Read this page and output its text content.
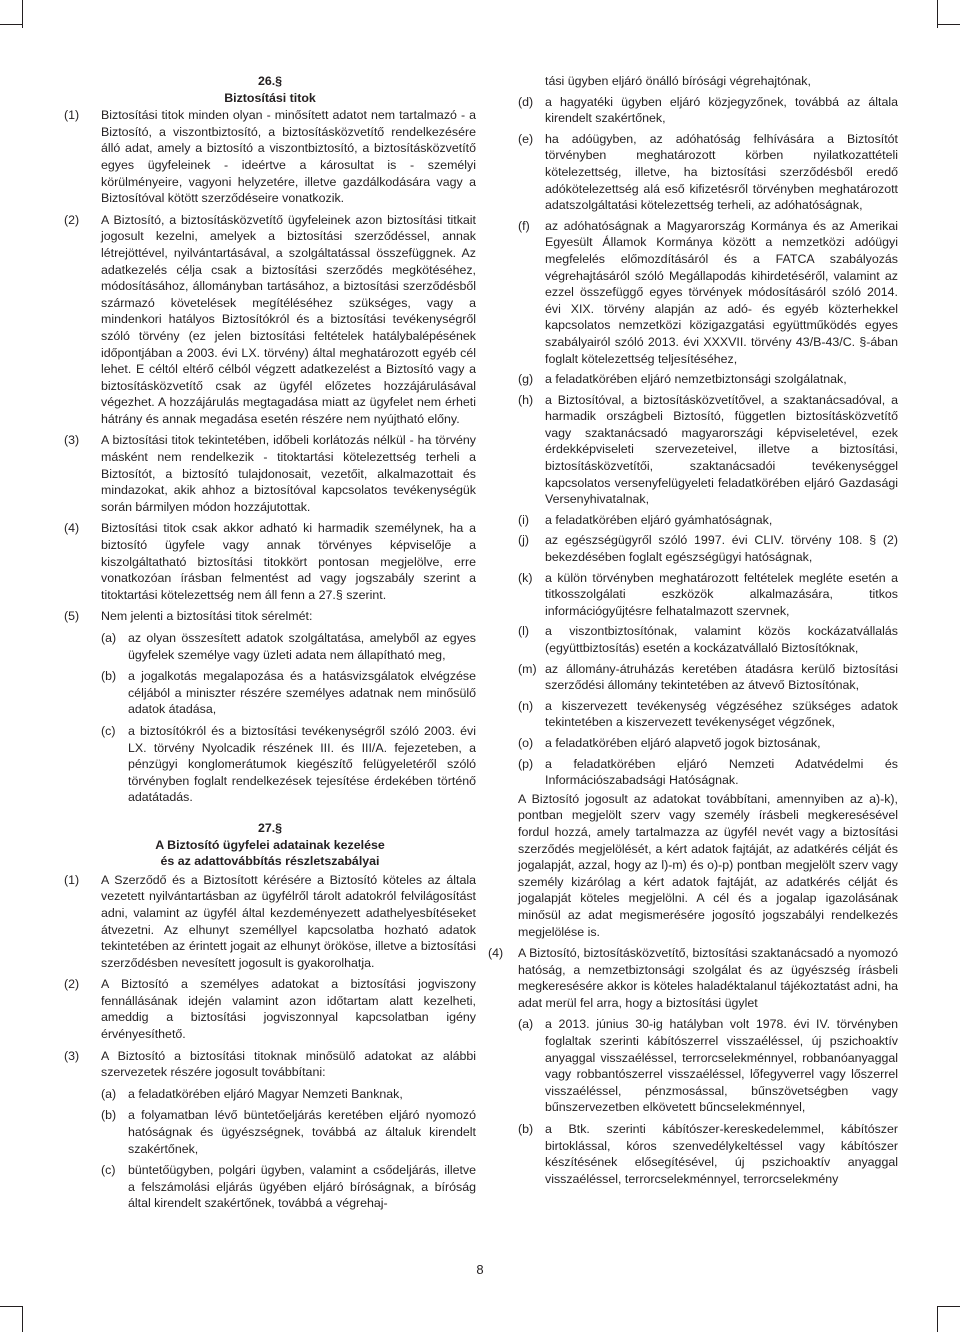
26.§
Biztosítási titok
(1) Biztosítási titok minden olyan - minősített adatot nem tartalmazó - a Biztosító, a viszontbiztosító, a biztosításközvetítő rendelkezésére álló adat, amely a biztosító a viszontbiztosító, a biztosításközvetítő egyes ügyfeleinek - ideértve a károsultat is - személyi körülményeire, vagyoni helyzetére, illetve gazdálkodására vagy a Biztosítóval kötött szerződéseire vonatkozik.
(2) A Biztosító, a biztosításközvetítő ügyfeleinek azon biztosítási titkait jogosult kezelni, amelyek a biztosítási szerződéssel, annak létrejöttével, nyilvántartásával, a szolgáltatással összefüggnek. Az adatkezelés célja csak a biztosítási szerződés megkötéséhez, módosításához, állományban tartásához, a biztosítási szerződésből származó követelések megítéléséhez szükséges, vagy a mindenkori hatályos Biztosítókról és a biztosítási tevékenységről szóló törvény (ez jelen biztosítási feltételek hatálybalépésének időpontjában a 2003. évi LX. törvény) által meghatározott egyéb cél lehet. E céltól eltérő célból végzett adatkezelést a Biztosító vagy a biztosításközvetítő csak az ügyfél előzetes hozzájárulásával végezhet. A hozzájárulás megtagadása miatt az ügyfelet nem érheti hátrány és annak megadása esetén részére nem nyújtható előny.
(3) A biztosítási titok tekintetében, időbeli korlátozás nélkül - ha törvény másként nem rendelkezik - titoktartási kötelezettség terheli a Biztosítót, a biztosító tulajdonosait, vezetőit, alkalmazottait és mindazokat, akik ahhoz a biztosítóval kapcsolatos tevékenységük során bármilyen módon hozzájutottak.
(4) Biztosítási titok csak akkor adható ki harmadik személynek, ha a biztosító ügyfele vagy annak törvényes képviselője a kiszolgáltatható biztosítási titokkört pontosan megjelölve, erre vonatkozóan írásban felmentést ad vagy jogszabály szerint a titoktartási kötelezettség nem áll fenn a 27.§ szerint.
(5) Nem jelenti a biztosítási titok sérelmét:
(a) az olyan összesített adatok szolgáltatása, amelyből az egyes ügyfelek személye vagy üzleti adata nem állapítható meg,
(b) a jogalkotás megalapozása és a hatásvizsgálatok elvégzése céljából a miniszter részére személyes adatnak nem minősülő adatok átadása,
(c) a biztosítókról és a biztosítási tevékenységről szóló 2003. évi LX. törvény Nyolcadik részének III. és III/A. fejezeteben, a pénzügyi konglomerátumok kiegészítő felügyeletéről szóló törvényben foglalt rendelkezések tejesítése érdekében történő adatátadás.
27.§
A Biztosító ügyfelei adatainak kezelése
és az adattovábbítás részletszabályai
(1) A Szerződő és a Biztosított kérésére a Biztosító köteles az általa vezetett nyilvántartásban az ügyfélről tárolt adatokról felvilágosítást adni, valamint az ügyfél által kezdeményezett adathelyesbítéseket átvezetni. Az elhunyt személlyel kapcsolatba hozható adatok tekintetében az érintett jogait az elhunyt örököse, illetve a biztosítási szerződésben nevesített jogosult is gyakorolhatja.
(2) A Biztosító a személyes adatokat a biztosítási jogviszony fennállásának idején valamint azon időtartam alatt kezelheti, ameddig a biztosítási jogviszonnyal kapcsolatban igény érvényesíthető.
(3) A Biztosító a biztosítási titoknak minősülő adatokat az alábbi szervezetek részére jogosult továbbítani:
(a) a feladatkörében eljáró Magyar Nemzeti Banknak,
(b) a folyamatban lévő büntetőeljárás keretében eljáró nyomozó hatóságnak és ügyészségnek, továbbá az általuk kirendelt szakértőnek,
(c) büntetőügyben, polgári ügyben, valamint a csődeljárás, illetve a felszámolási eljárás ügyében eljáró bíróságnak, a bíróság által kirendelt szakértőnek, továbbá a végrehaj-
tási ügyben eljáró önálló bírósági végrehajtónak,
(d) a hagyatéki ügyben eljáró közjegyzőnek, továbbá az általa kirendelt szakértőnek,
(e) ha adóügyben, az adóhatóság felhívására a Biztosítót törvényben meghatározott körben nyilatkozattételi kötelezettség, illetve, ha biztosítási szerződésből eredő adókötelezettség alá eső kifizetésről törvényben meghatározott adatszolgáltatási kötelezettség terheli, az adóhatóságnak,
(f) az adóhatóságnak a Magyarország Kormánya és az Amerikai Egyesült Államok Kormánya között a nemzetközi adóügyi megfelelés előmozdításáról és a FATCA szabályozás végrehajtásáról szóló Megállapodás kihirdetéséről, valamint az ezzel összefüggő egyes törvények módosításáról szóló 2014. évi XIX. törvény alapján az adó- és egyéb közterhekkel kapcsolatos nemzetközi közigazgatási együttműködés egyes szabályairól szóló 2013. évi XXXVII. törvény 43/B-43/C. §-ában foglalt kötelezettség teljesítéséhez,
(g) a feladatkörében eljáró nemzetbiztonsági szolgálatnak,
(h) a Biztosítóval, a biztosításközvetítővel, a szaktanácsadóval, a harmadik országbeli Biztosító, független biztosításközvetítő vagy szaktanácsadó magyarországi képviseletével, ezek érdekképviseleti szervezeteivel, illetve a biztosítási, biztosításközvetítői, szaktanácsadói tevékenységgel kapcsolatos versenyfelügyeleti feladatkörében eljáró Gazdasági Versenyhivatalnak,
(i) a feladatkörében eljáró gyámhatóságnak,
(j) az egészségügyről szóló 1997. évi CLIV. törvény 108. § (2) bekezdésében foglalt egészségügyi hatóságnak,
(k) a külön törvényben meghatározott feltételek megléte esetén a titkosszolgálati eszközök alkalmazására, titkos információgyűjtésre felhatalmazott szervnek,
(l) a viszontbiztosítónak, valamint közös kockázatvállalás (együttbiztosítás) esetén a kockázatvállaló Biztosítóknak,
(m) az állomány-átruházás keretében átadásra kerülő biztosítási szerződési állomány tekintetében az átvevő Biztosítónak,
(n) a kiszervezett tevékenység végzéséhez szükséges adatok tekintetében a kiszervezett tevékenységet végzőnek,
(o) a feladatkörében eljáró alapvető jogok biztosának,
(p) a feladatkörében eljáró Nemzeti Adatvédelmi és Információszabadsági Hatóságnak.
A Biztosító jogosult az adatokat továbbítani, amennyiben az a)-k), pontban megjelölt szerv vagy személy írásbeli megkeresésével fordul hozzá, amely tartalmazza az ügyfél nevét vagy a biztosítási szerződés megjelölését, a kért adatok fajtáját, az adatkérés célját és jogalapját, azzal, hogy az l)-m) és o)-p) pontban megjelölt szerv vagy személy kizárólag a kért adatok fajtáját, az adatkérés célját és jogalapját köteles megjelölni. A cél és a jogalap igazolásának minősül az adat megismerésére jogosító jogszabályi rendelkezés megjelölése is.
(4) A Biztosító, biztosításközvetítő, biztosítási szaktanácsadó a nyomozó hatóság, a nemzetbiztonsági szolgálat és az ügyészség írásbeli megkeresésére akkor is köteles haladéktalanul tájékoztatást adni, ha adat merül fel arra, hogy a biztosítási ügylet
(a) a 2013. június 30-ig hatályban volt 1978. évi IV. törvényben foglaltak szerinti kábítószerrel visszaéléssel, új pszichoaktív anyaggal visszaéléssel, terrorcselekménnyel, robbanóanyaggal vagy robbantószerrel visszaéléssel, lőfegyverrel vagy lőszerrel visszaéléssel, pénzmosással, bűnszövetségben vagy bűnszervezetben elkövetett bűncselekménnyel,
(b) a Btk. szerinti kábítószer-kereskedelemmel, kábítószer birtoklással, kóros szenvedélykeltéssel vagy kábítószer készítésének elősegítésével, új pszichoaktív anyaggal visszaéléssel, terrorcselekménnyel, terrorcselekmény
8
